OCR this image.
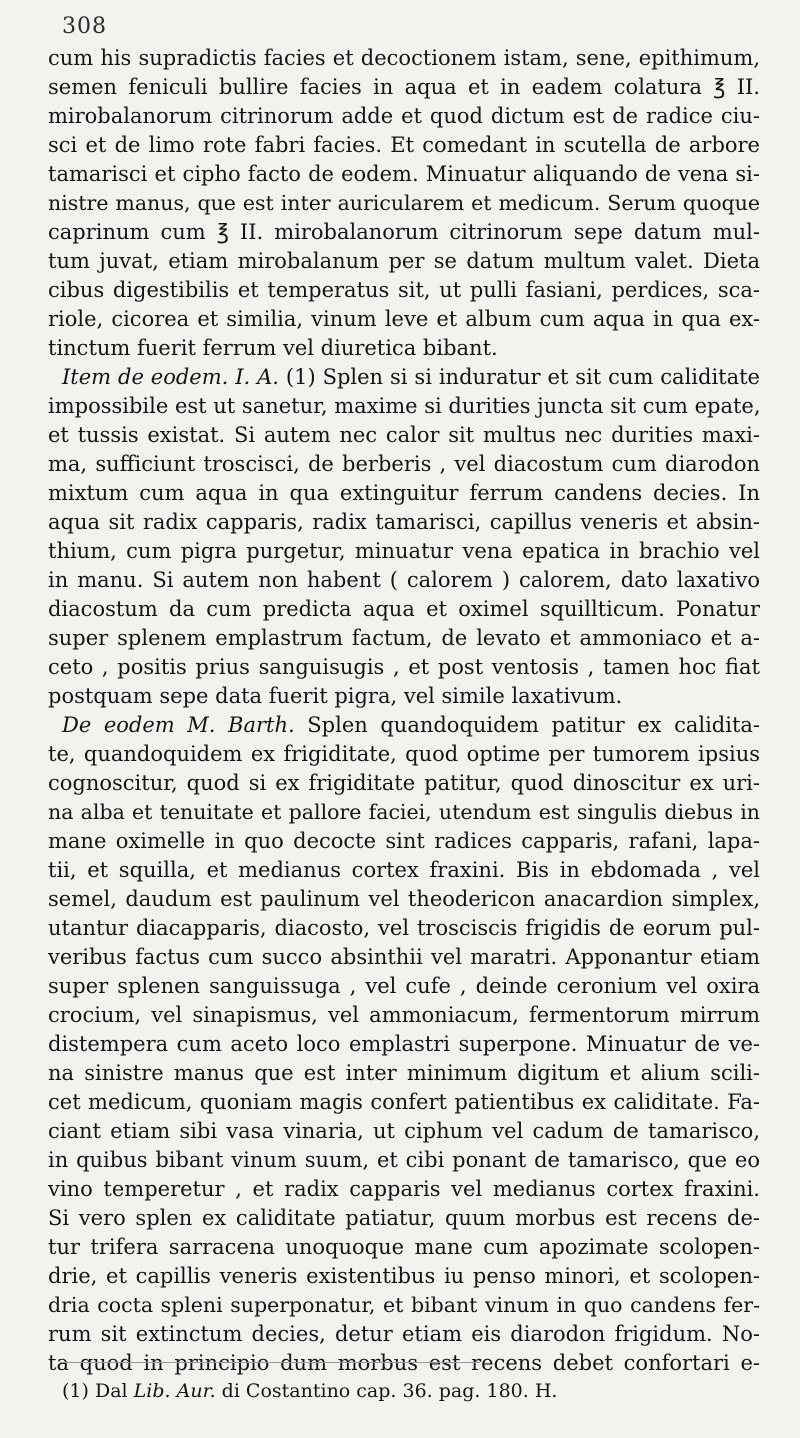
308
cum his supradictis facies et decoctionem istam, sene, epithimum,
semen feniculi bullire facies in aqua et in eadem colatura ℥ II.
mirobalanorum citrinorum adde et quod dictum est de radice ciu-
sci et de limo rote fabri facies. Et comedant in scutella de arbore
tamarisci et cipho facto de eodem. Minuatur aliquando de vena si-
nistre manus, que est inter auricularem et medicum. Serum quoque
caprinum cum ℥ II. mirobalanorum citrinorum sepe datum mul-
tum juvat, etiam mirobalanum per se datum multum valet. Dieta
cibus digestibilis et temperatus sit, ut pulli fasiani, perdices, sca-
riole, cicorea et similia, vinum leve et album cum aqua in qua ex-
tinctum fuerit ferrum vel diuretica bibant.
Item de eodem. I. A. (1) Splen si si induratur et sit cum caliditate
impossibile est ut sanetur, maxime si durities juncta sit cum epate,
et tussis existat. Si autem nec calor sit multus nec durities maxi-
ma, sufficiunt troscisci, de berberis , vel diacostum cum diarodon
mixtum cum aqua in qua extinguitur ferrum candens decies. In
aqua sit radix capparis, radix tamarisci, capillus veneris et absin-
thium, cum pigra purgetur, minuatur vena epatica in brachio vel
in manu. Si autem non habent ( calorem ) calorem, dato laxativo
diacostum da cum predicta aqua et oximel squillticum. Ponatur
super splenem emplastrum factum, de levato et ammoniaco et a-
ceto , positis prius sanguisugis , et post ventosis , tamen hoc fiat
postquam sepe data fuerit pigra, vel simile laxativum.
De eodem M. Barth. Splen quandoquidem patitur ex calidita-
te, quandoquidem ex frigiditate, quod optime per tumorem ipsius
cognoscitur, quod si ex frigiditate patitur, quod dinoscitur ex uri-
na alba et tenuitate et pallore faciei, utendum est singulis diebus in
mane oximelle in quo decocte sint radices capparis, rafani, lapa-
tii, et squilla, et medianus cortex fraxini. Bis in ebdomada , vel
semel, daudum est paulinum vel theodericon anacardion simplex,
utantur diacapparis, diacosto, vel trosciscis frigidis de eorum pul-
veribus factus cum succo absinthii vel maratri. Apponantur etiam
super splenen sanguissuga , vel cufe , deinde ceronium vel oxira
crocium, vel sinapismus, vel ammoniacum, fermentorum mirrum
distempera cum aceto loco emplastri superpone. Minuatur de ve-
na sinistre manus que est inter minimum digitum et alium scili-
cet medicum, quoniam magis confert patientibus ex caliditate. Fa-
ciant etiam sibi vasa vinaria, ut ciphum vel cadum de tamarisco,
in quibus bibant vinum suum, et cibi ponant de tamarisco, que eo
vino temperetur , et radix capparis vel medianus cortex fraxini.
Si vero splen ex caliditate patiatur, quum morbus est recens de-
tur trifera sarracena unoquoque mane cum apozimate scolopen-
drie, et capillis veneris existentibus iu penso minori, et scolopen-
dria cocta spleni superponatur, et bibant vinum in quo candens fer-
rum sit extinctum decies, detur etiam eis diarodon frigidum. No-
ta quod in principio dum morbus est recens debet confortari e-
(1) Dal Lib. Aur. di Costantino cap. 36. pag. 180. H.
